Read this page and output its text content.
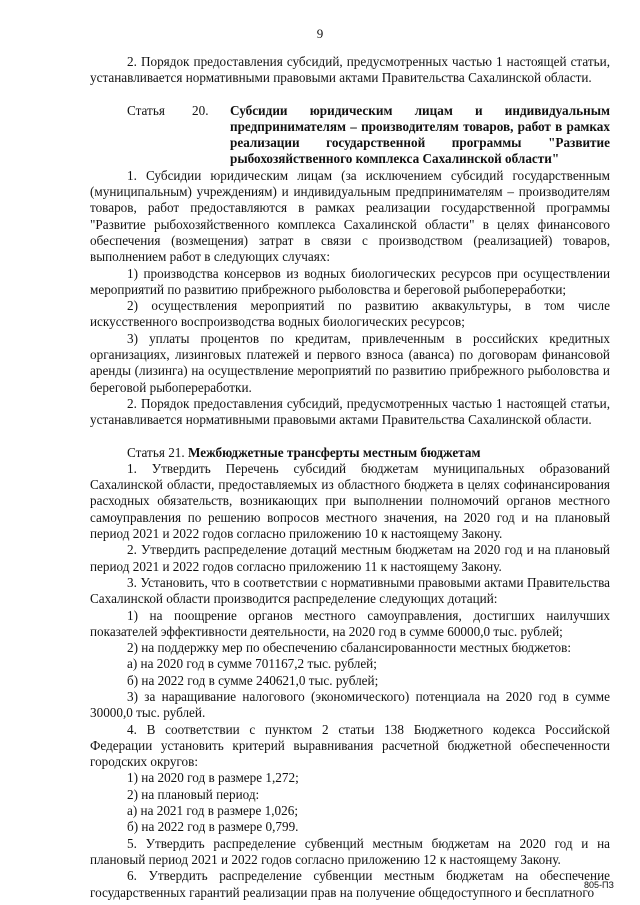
9

2. Порядок предоставления субсидий, предусмотренных частью 1 настоящей статьи, устанавливается нормативными правовыми актами Правительства Сахалинской области.

Статья	20.	Субсидии юридическим лицам и индивидуальным предпринимателям – производителям товаров, работ в рамках реализации государственной программы "Развитие рыбохозяйственного комплекса Сахалинской области"

1. Субсидии юридическим лицам (за исключением субсидий государственным (муниципальным) учреждениям) и индивидуальным предпринимателям – производителям товаров, работ предоставляются в рамках реализации государственной программы "Развитие рыбохозяйственного комплекса Сахалинской области" в целях финансового обеспечения (возмещения) затрат в связи с производством (реализацией) товаров, выполнением работ в следующих случаях:

1) производства консервов из водных биологических ресурсов при осуществлении мероприятий по развитию прибрежного рыболовства и береговой рыбопереработки;

2) осуществления мероприятий по развитию аквакультуры, в том числе искусственного воспроизводства водных биологических ресурсов;

3) уплаты процентов по кредитам, привлеченным в российских кредитных организациях, лизинговых платежей и первого взноса (аванса) по договорам финансовой аренды (лизинга) на осуществление мероприятий по развитию прибрежного рыболовства и береговой рыбопереработки.

2. Порядок предоставления субсидий, предусмотренных частью 1 настоящей статьи, устанавливается нормативными правовыми актами Правительства Сахалинской области.

Статья 21. Межбюджетные трансферты местным бюджетам

1. Утвердить Перечень субсидий бюджетам муниципальных образований Сахалинской области, предоставляемых из областного бюджета в целях софинансирования расходных обязательств, возникающих при выполнении полномочий органов местного самоуправления по решению вопросов местного значения, на 2020 год и на плановый период 2021 и 2022 годов согласно приложению 10 к настоящему Закону.

2. Утвердить распределение дотаций местным бюджетам на 2020 год и на плановый период 2021 и 2022 годов согласно приложению 11 к настоящему Закону.

3. Установить, что в соответствии с нормативными правовыми актами Правительства Сахалинской области производится распределение следующих дотаций:

1) на поощрение органов местного самоуправления, достигших наилучших показателей эффективности деятельности, на 2020 год в сумме 60000,0 тыс. рублей;

2) на поддержку мер по обеспечению сбалансированности местных бюджетов:

а) на 2020 год в сумме 701167,2 тыс. рублей;

б) на 2022 год в сумме 240621,0 тыс. рублей;

3) за наращивание налогового (экономического) потенциала на 2020 год в сумме 30000,0 тыс. рублей.

4. В соответствии с пунктом 2 статьи 138 Бюджетного кодекса Российской Федерации установить критерий выравнивания расчетной бюджетной обеспеченности городских округов:

1) на 2020 год в размере 1,272;

2) на плановый период:

а) на 2021 год в размере 1,026;

б) на 2022 год в размере 0,799.

5. Утвердить распределение субвенций местным бюджетам на 2020 год и на плановый период 2021 и 2022 годов согласно приложению 12 к настоящему Закону.

6. Утвердить распределение субвенции местным бюджетам на обеспечение государственных гарантий реализации прав на получение общедоступного и бесплатного

805-ПЗ
